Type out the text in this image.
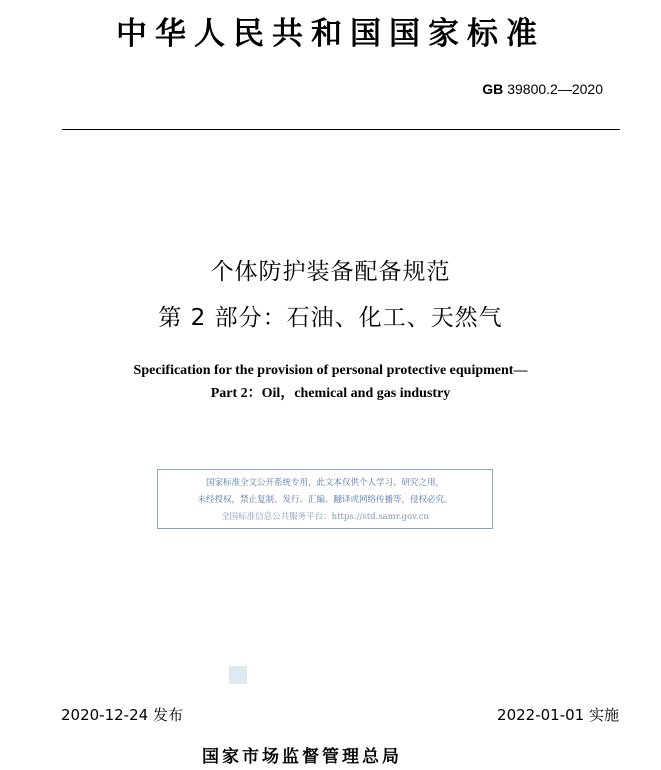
中华人民共和国国家标准
GB 39800.2—2020
个体防护装备配备规范
第 2 部分：石油、化工、天然气
Specification for the provision of personal protective equipment—
Part 2：Oil，chemical and gas industry
国家标准全文公开系统专用，此文本仅供个人学习、研究之用，
未经授权，禁止复制、发行、汇编、翻译或网络传播等，侵权必究。
全国标准信息公共服务平台：https://std.samr.gov.cn
2020-12-24 发布	2022-01-01 实施
国家市场监督管理总局
